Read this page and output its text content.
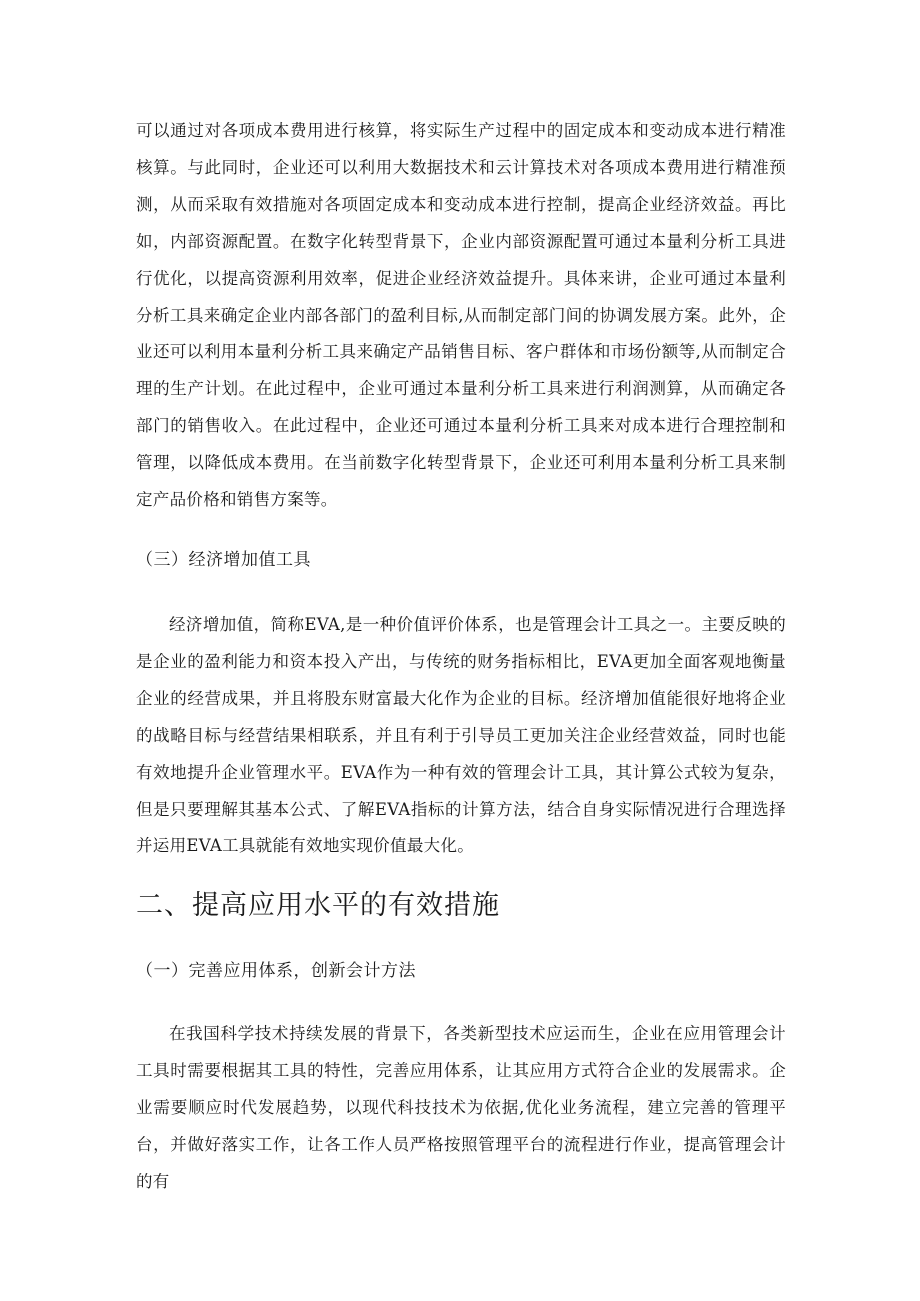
可以通过对各项成本费用进行核算，将实际生产过程中的固定成本和变动成本进行精准核算。与此同时，企业还可以利用大数据技术和云计算技术对各项成本费用进行精准预测，从而采取有效措施对各项固定成本和变动成本进行控制，提高企业经济效益。再比如，内部资源配置。在数字化转型背景下，企业内部资源配置可通过本量利分析工具进行优化，以提高资源利用效率，促进企业经济效益提升。具体来讲，企业可通过本量利分析工具来确定企业内部各部门的盈利目标,从而制定部门间的协调发展方案。此外，企业还可以利用本量利分析工具来确定产品销售目标、客户群体和市场份额等,从而制定合理的生产计划。在此过程中，企业可通过本量利分析工具来进行利润测算，从而确定各部门的销售收入。在此过程中，企业还可通过本量利分析工具来对成本进行合理控制和管理，以降低成本费用。在当前数字化转型背景下，企业还可利用本量利分析工具来制定产品价格和销售方案等。

（三）经济增加值工具

经济增加值，简称EVA,是一种价值评价体系，也是管理会计工具之一。主要反映的是企业的盈利能力和资本投入产出，与传统的财务指标相比，EVA更加全面客观地衡量企业的经营成果，并且将股东财富最大化作为企业的目标。经济增加值能很好地将企业的战略目标与经营结果相联系，并且有利于引导员工更加关注企业经营效益，同时也能有效地提升企业管理水平。EVA作为一种有效的管理会计工具，其计算公式较为复杂，但是只要理解其基本公式、了解EVA指标的计算方法，结合自身实际情况进行合理选择并运用EVA工具就能有效地实现价值最大化。

二、提高应用水平的有效措施
（一）完善应用体系，创新会计方法

在我国科学技术持续发展的背景下，各类新型技术应运而生，企业在应用管理会计工具时需要根据其工具的特性，完善应用体系，让其应用方式符合企业的发展需求。企业需要顺应时代发展趋势，以现代科技技术为依据,优化业务流程，建立完善的管理平台，并做好落实工作，让各工作人员严格按照管理平台的流程进行作业，提高管理会计的有
